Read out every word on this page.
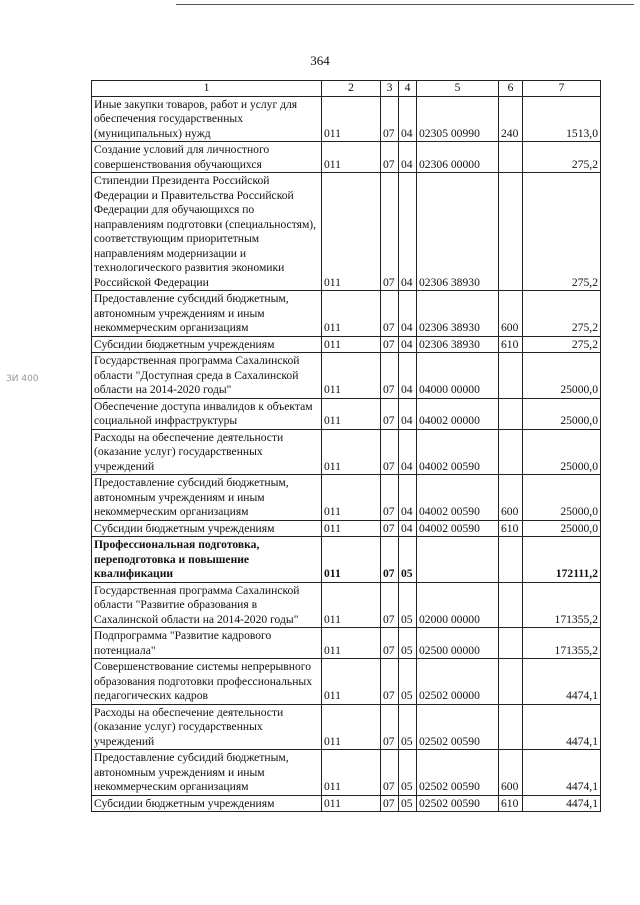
364
ЗИ 400
1	2	3	4	5	6	7
Иные закупки товаров, работ и услуг для обеспечения государственных (муниципальных) нужд	011	07	04	02305 00990	240	1513,0
Создание условий для личностного совершенствования обучающихся	011	07	04	02306 00000		275,2
Стипендии Президента Российской Федерации и Правительства Российской Федерации для обучающихся по направлениям подготовки (специальностям), соответствующим приоритетным направлениям модернизации и технологического развития экономики Российской Федерации	011	07	04	02306 38930		275,2
Предоставление субсидий бюджетным, автономным учреждениям и иным некоммерческим организациям	011	07	04	02306 38930	600	275,2
Субсидии бюджетным учреждениям	011	07	04	02306 38930	610	275,2
Государственная программа Сахалинской области "Доступная среда в Сахалинской области на 2014-2020 годы"	011	07	04	04000 00000		25000,0
Обеспечение доступа инвалидов к объектам социальной инфраструктуры	011	07	04	04002 00000		25000,0
Расходы на обеспечение деятельности (оказание услуг) государственных учреждений	011	07	04	04002 00590		25000,0
Предоставление субсидий бюджетным, автономным учреждениям и иным некоммерческим организациям	011	07	04	04002 00590	600	25000,0
Субсидии бюджетным учреждениям	011	07	04	04002 00590	610	25000,0
Профессиональная подготовка, переподготовка и повышение квалификации	011	07	05			172111,2
Государственная программа Сахалинской области "Развитие образования в Сахалинской области на 2014-2020 годы"	011	07	05	02000 00000		171355,2
Подпрограмма "Развитие кадрового потенциала"	011	07	05	02500 00000		171355,2
Совершенствование системы непрерывного образования подготовки профессиональных педагогических кадров	011	07	05	02502 00000		4474,1
Расходы на обеспечение деятельности (оказание услуг) государственных учреждений	011	07	05	02502 00590		4474,1
Предоставление субсидий бюджетным, автономным учреждениям и иным некоммерческим организациям	011	07	05	02502 00590	600	4474,1
Субсидии бюджетным учреждениям	011	07	05	02502 00590	610	4474,1
